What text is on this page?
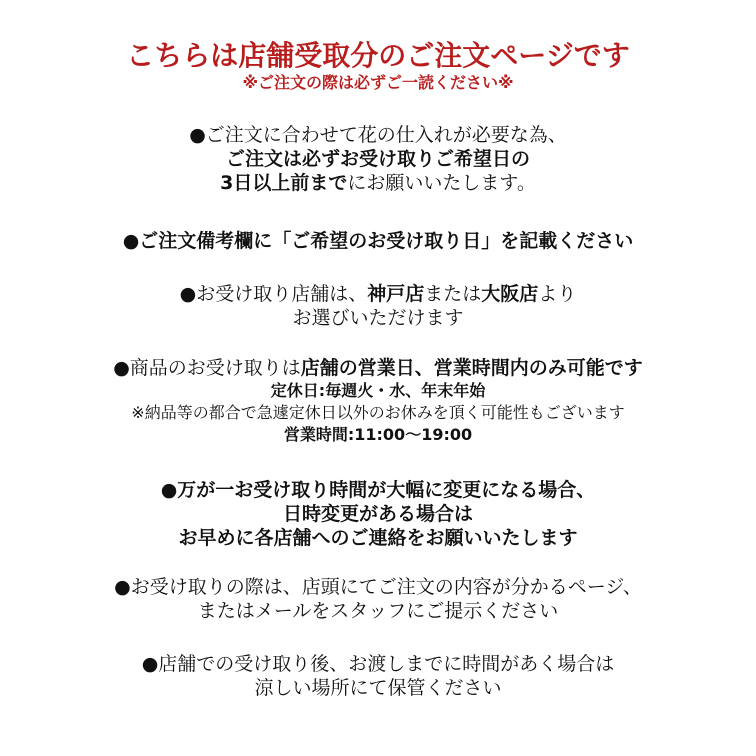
こちらは店舗受取分のご注文ページです
※ご注文の際は必ずご一読ください※
●ご注文に合わせて花の仕入れが必要な為、
ご注文は必ずお受け取りご希望日の
3日以上前までにお願いいたします。
●ご注文備考欄に「ご希望のお受け取り日」を記載ください
●お受け取り店舗は、神戸店または大阪店より
お選びいただけます
●商品のお受け取りは店舗の営業日、営業時間内のみ可能です
定休日:毎週火・水、年末年始
※納品等の都合で急遽定休日以外のお休みを頂く可能性もございます
営業時間:11:00〜19:00
●万が一お受け取り時間が大幅に変更になる場合、
日時変更がある場合は
お早めに各店舗へのご連絡をお願いいたします
●お受け取りの際は、店頭にてご注文の内容が分かるページ、
またはメールをスタッフにご提示ください
●店舗での受け取り後、お渡しまでに時間があく場合は
涼しい場所にて保管ください
